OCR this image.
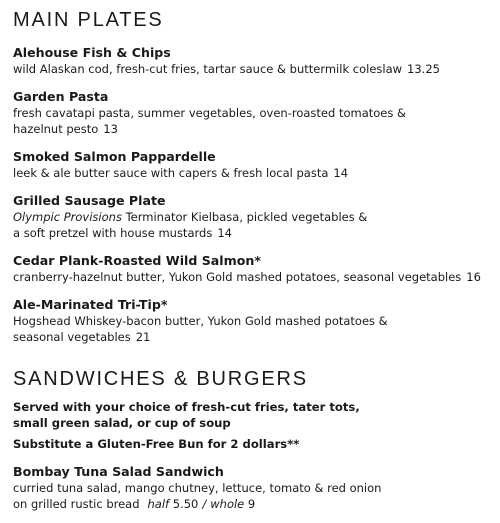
MAIN PLATES
Alehouse Fish & Chips
wild Alaskan cod, fresh-cut fries, tartar sauce & buttermilk coleslaw 13.25
Garden Pasta
fresh cavatapi pasta, summer vegetables, oven-roasted tomatoes &
hazelnut pesto 13
Smoked Salmon Pappardelle
leek & ale butter sauce with capers & fresh local pasta 14
Grilled Sausage Plate
Olympic Provisions Terminator Kielbasa, pickled vegetables &
a soft pretzel with house mustards 14
Cedar Plank-Roasted Wild Salmon*
cranberry-hazelnut butter, Yukon Gold mashed potatoes, seasonal vegetables 16
Ale-Marinated Tri-Tip*
Hogshead Whiskey-bacon butter, Yukon Gold mashed potatoes &
seasonal vegetables 21
SANDWICHES & BURGERS
Served with your choice of fresh-cut fries, tater tots,
small green salad, or cup of soup
Substitute a Gluten-Free Bun for 2 dollars**
Bombay Tuna Salad Sandwich
curried tuna salad, mango chutney, lettuce, tomato & red onion
on grilled rustic bread half 5.50 / whole 9
